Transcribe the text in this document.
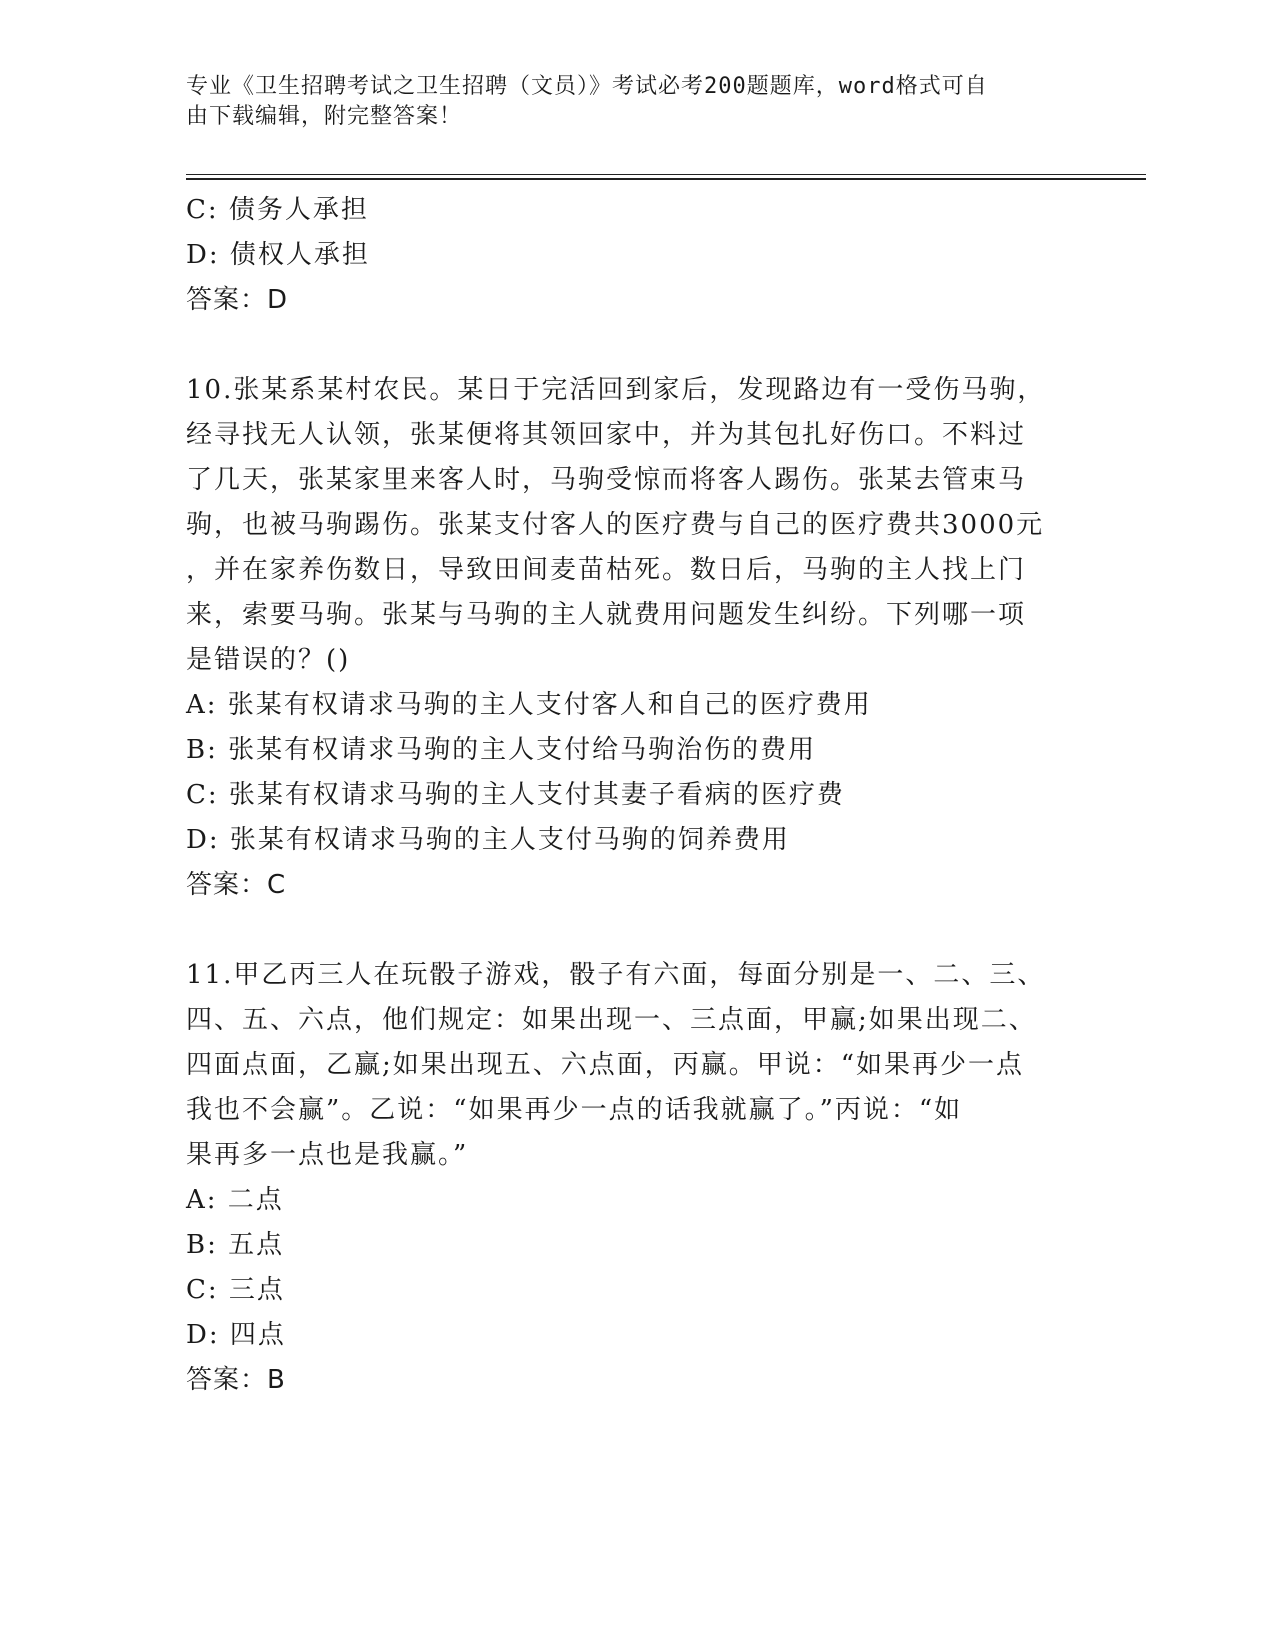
专业《卫生招聘考试之卫生招聘（文员）》考试必考200题题库，word格式可自
由下载编辑，附完整答案！
C: 债务人承担
D: 债权人承担
答案：D
10.张某系某村农民。某日于完活回到家后，发现路边有一受伤马驹，
经寻找无人认领，张某便将其领回家中，并为其包扎好伤口。不料过
了几天，张某家里来客人时，马驹受惊而将客人踢伤。张某去管束马
驹，也被马驹踢伤。张某支付客人的医疗费与自己的医疗费共3000元
，并在家养伤数日，导致田间麦苗枯死。数日后，马驹的主人找上门
来，索要马驹。张某与马驹的主人就费用问题发生纠纷。下列哪一项
是错误的？()
A: 张某有权请求马驹的主人支付客人和自己的医疗费用
B: 张某有权请求马驹的主人支付给马驹治伤的费用
C: 张某有权请求马驹的主人支付其妻子看病的医疗费
D: 张某有权请求马驹的主人支付马驹的饲养费用
答案：C
11.甲乙丙三人在玩骰子游戏，骰子有六面，每面分别是一、二、三、
四、五、六点，他们规定：如果出现一、三点面，甲赢;如果出现二、
四面点面，乙赢;如果出现五、六点面，丙赢。甲说：“如果再少一点
我也不会赢”。乙说：“如果再少一点的话我就赢了。”丙说：“如
果再多一点也是我赢。”
A: 二点
B: 五点
C: 三点
D: 四点
答案：B
